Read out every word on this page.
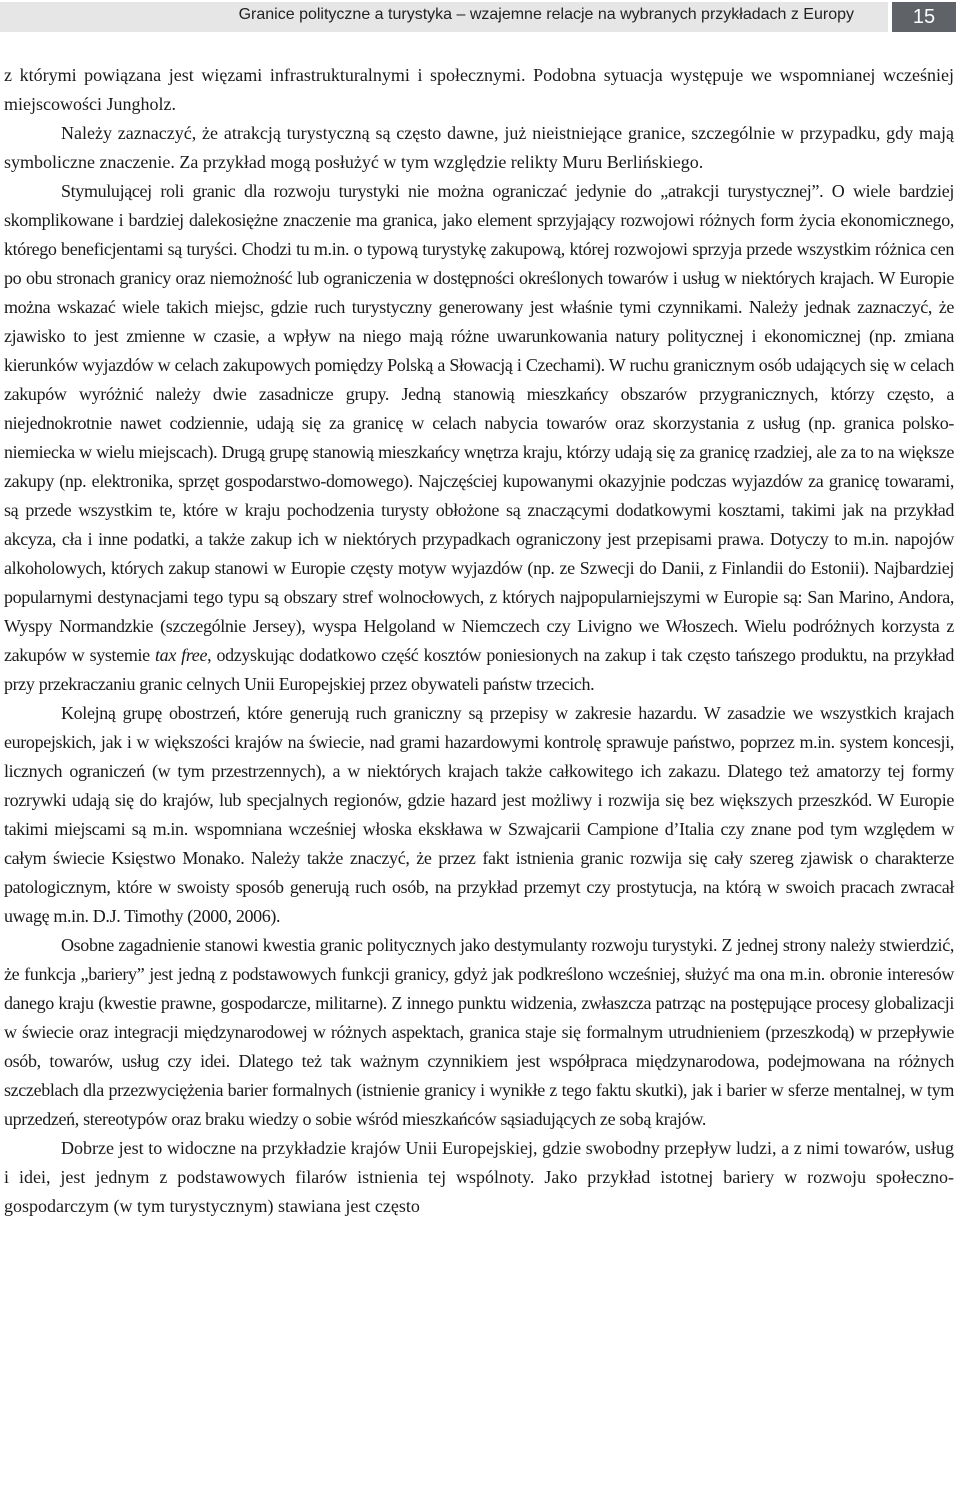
Granice polityczne a turystyka – wzajemne relacje na wybranych przykładach z Europy	15

z którymi powiązana jest więzami infrastrukturalnymi i społecznymi. Podobna sytuacja występuje we wspomnianej wcześniej miejscowości Jungholz.

Należy zaznaczyć, że atrakcją turystyczną są często dawne, już nieistniejące granice, szczególnie w przypadku, gdy mają symboliczne znaczenie. Za przykład mogą posłużyć w tym względzie relikty Muru Berlińskiego.

Stymulującej roli granic dla rozwoju turystyki nie można ograniczać jedynie do „atrakcji turystycznej”. O wiele bardziej skomplikowane i bardziej dalekosiężne znaczenie ma granica, jako element sprzyjający rozwojowi różnych form życia ekonomicznego, którego beneficjentami są turyści. Chodzi tu m.in. o typową turystykę zakupową, której rozwojowi sprzyja przede wszystkim różnica cen po obu stronach granicy oraz niemożność lub ograniczenia w dostępności określonych towarów i usług w niektórych krajach. W Europie można wskazać wiele takich miejsc, gdzie ruch turystyczny generowany jest właśnie tymi czynnikami. Należy jednak zaznaczyć, że zjawisko to jest zmienne w czasie, a wpływ na niego mają różne uwarunkowania natury politycznej i ekonomicznej (np. zmiana kierunków wyjazdów w celach zakupowych pomiędzy Polską a Słowacją i Czechami). W ruchu granicznym osób udających się w celach zakupów wyróżnić należy dwie zasadnicze grupy. Jedną stanowią mieszkańcy obszarów przygranicznych, którzy często, a niejednokrotnie nawet codziennie, udają się za granicę w celach nabycia towarów oraz skorzystania z usług (np. granica polsko-niemiecka w wielu miejscach). Drugą grupę stanowią mieszkańcy wnętrza kraju, którzy udają się za granicę rzadziej, ale za to na większe zakupy (np. elektronika, sprzęt gospodarstwo-domowego). Najczęściej kupowanymi okazyjnie podczas wyjazdów za granicę towarami, są przede wszystkim te, które w kraju pochodzenia turysty obłożone są znaczącymi dodatkowymi kosztami, takimi jak na przykład akcyza, cła i inne podatki, a także zakup ich w niektórych przypadkach ograniczony jest przepisami prawa. Dotyczy to m.in. napojów alkoholowych, których zakup stanowi w Europie częsty motyw wyjazdów (np. ze Szwecji do Danii, z Finlandii do Estonii). Najbardziej popularnymi destynacjami tego typu są obszary stref wolnocłowych, z których najpopularniejszymi w Europie są: San Marino, Andora, Wyspy Normandzkie (szczególnie Jersey), wyspa Helgoland w Niemczech czy Livigno we Włoszech. Wielu podróżnych korzysta z zakupów w systemie tax free, odzyskując dodatkowo część kosztów poniesionych na zakup i tak często tańszego produktu, na przykład przy przekraczaniu granic celnych Unii Europejskiej przez obywateli państw trzecich.

Kolejną grupę obostrzeń, które generują ruch graniczny są przepisy w zakresie hazardu. W zasadzie we wszystkich krajach europejskich, jak i w większości krajów na świecie, nad grami hazardowymi kontrolę sprawuje państwo, poprzez m.in. system koncesji, licznych ograniczeń (w tym przestrzennych), a w niektórych krajach także całkowitego ich zakazu. Dlatego też amatorzy tej formy rozrywki udają się do krajów, lub specjalnych regionów, gdzie hazard jest możliwy i rozwija się bez większych przeszkód. W Europie takimi miejscami są m.in. wspomniana wcześniej włoska ekskława w Szwajcarii Campione d’Italia czy znane pod tym względem w całym świecie Księstwo Monako. Należy także znaczyć, że przez fakt istnienia granic rozwija się cały szereg zjawisk o charakterze patologicznym, które w swoisty sposób generują ruch osób, na przykład przemyt czy prostytucja, na którą w swoich pracach zwracał uwagę m.in. D.J. Timothy (2000, 2006).

Osobne zagadnienie stanowi kwestia granic politycznych jako destymulanty rozwoju turystyki. Z jednej strony należy stwierdzić, że funkcja „bariery” jest jedną z podstawowych funkcji granicy, gdyż jak podkreślono wcześniej, służyć ma ona m.in. obronie interesów danego kraju (kwestie prawne, gospodarcze, militarne). Z innego punktu widzenia, zwłaszcza patrząc na postępujące procesy globalizacji w świecie oraz integracji międzynarodowej w różnych aspektach, granica staje się formalnym utrudnieniem (przeszkodą) w przepływie osób, towarów, usług czy idei. Dlatego też tak ważnym czynnikiem jest współpraca międzynarodowa, podejmowana na różnych szczeblach dla przezwyciężenia barier formalnych (istnienie granicy i wynikłe z tego faktu skutki), jak i barier w sferze mentalnej, w tym uprzedzeń, stereotypów oraz braku wiedzy o sobie wśród mieszkańców sąsiadujących ze sobą krajów.

Dobrze jest to widoczne na przykładzie krajów Unii Europejskiej, gdzie swobodny przepływ ludzi, a z nimi towarów, usług i idei, jest jednym z podstawowych filarów istnienia tej wspólnoty. Jako przykład istotnej bariery w rozwoju społeczno-gospodarczym (w tym turystycznym) stawiana jest często
